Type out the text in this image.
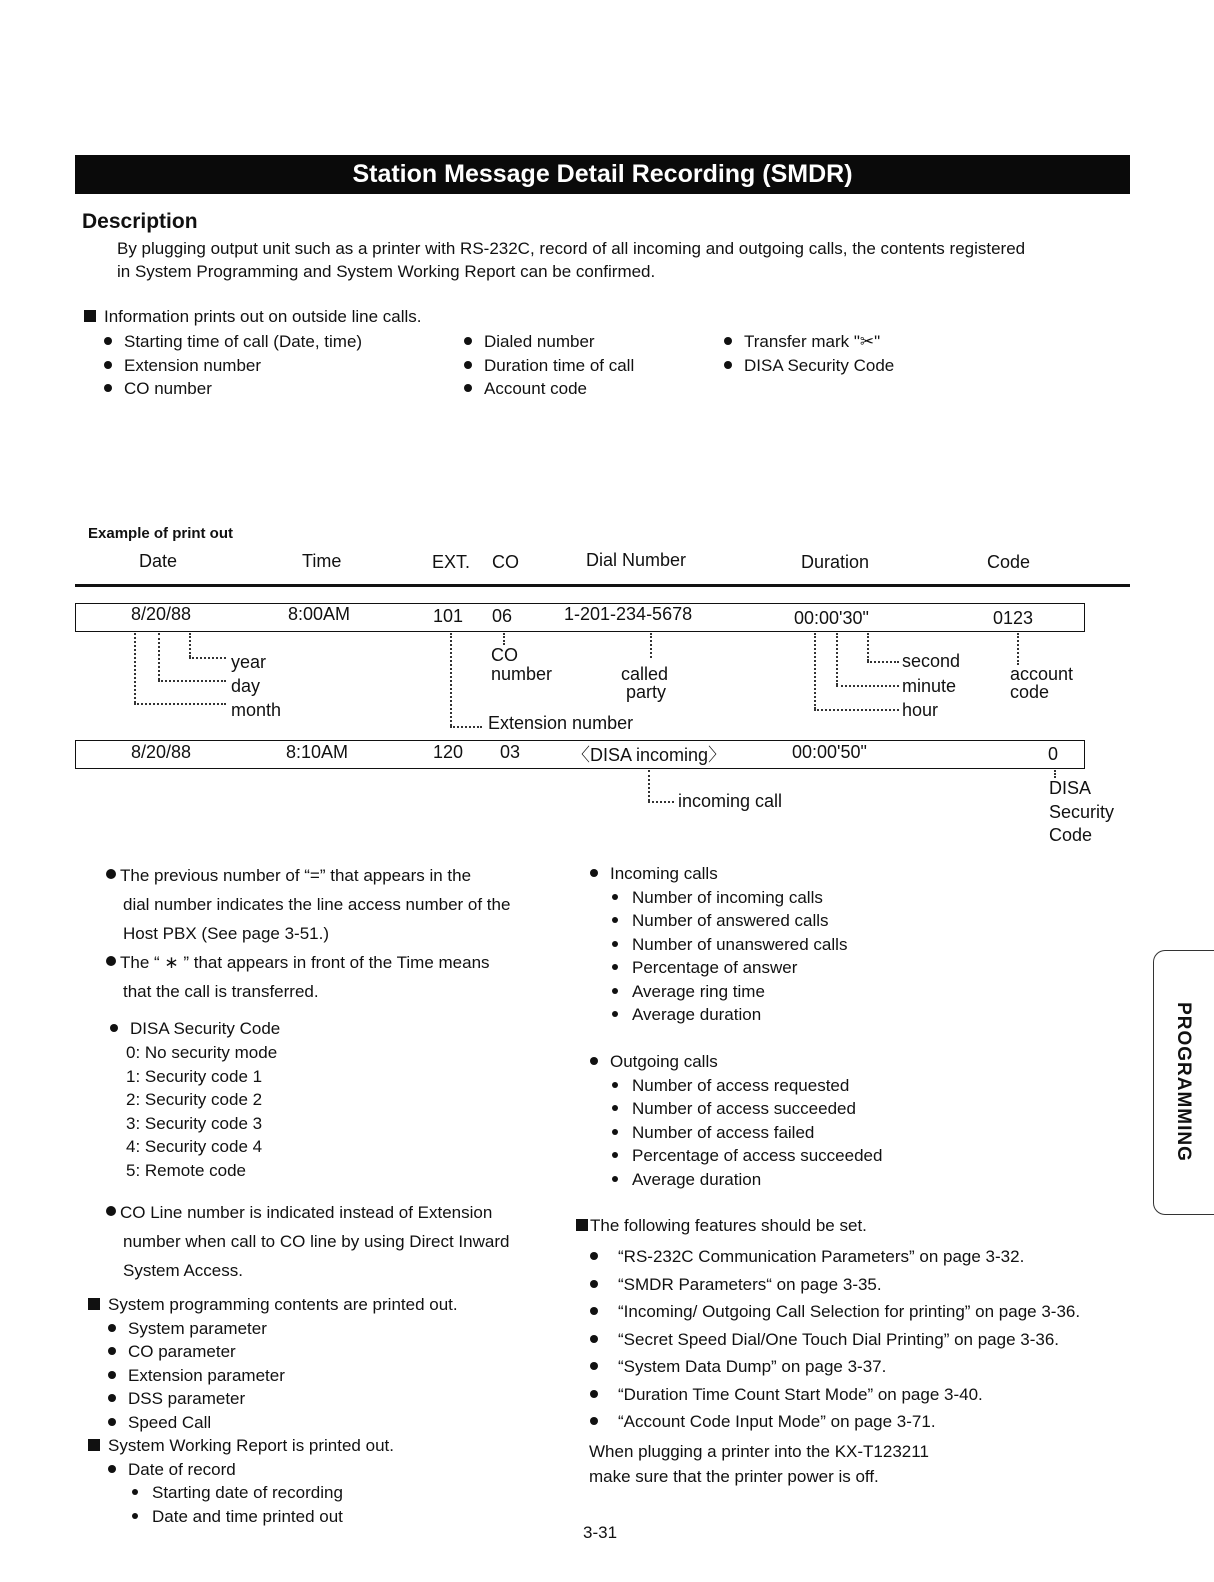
Station Message Detail Recording (SMDR)
Description
By plugging output unit such as a printer with RS-232C, record of all incoming and outgoing calls, the contents registered
in System Programming and System Working Report can be confirmed.
Information prints out on outside line calls.
Starting time of call (Date, time)
Extension number
CO number
Dialed number
Duration time of call
Account code
Transfer mark "✂"
DISA Security Code
Example of print out
Date	Time	EXT. CO	Dial Number	Duration	Code
8/20/88	8:00AM	101 06	1-201-234-5678	00:00'30"	0123
year
day
month
Extension number
CO
number	called
party
second
minute
hour
account
code
8/20/88	8:10AM	120 03	〈DISA incoming〉	00:00'50"	0
incoming call
DISA
Security
Code
The previous number of “=” that appears in the
dial number indicates the line access number of the
Host PBX (See page 3-51.)
The “ ∗ ” that appears in front of the Time means
that the call is transferred.
DISA Security Code
0: No security mode
1: Security code 1
2: Security code 2
3: Security code 3
4: Security code 4
5: Remote code
CO Line number is indicated instead of Extension
number when call to CO line by using Direct Inward
System Access.
System programming contents are printed out.
System parameter
CO parameter
Extension parameter
DSS parameter
Speed Call
System Working Report is printed out.
Date of record
Starting date of recording
Date and time printed out
Incoming calls
Number of incoming calls
Number of answered calls
Number of unanswered calls
Percentage of answer
Average ring time
Average duration
Outgoing calls
Number of access requested
Number of access succeeded
Number of access failed
Percentage of access succeeded
Average duration
The following features should be set.
“RS-232C Communication Parameters” on page 3-32.
“SMDR Parameters“ on page 3-35.
“Incoming/ Outgoing Call Selection for printing” on page 3-36.
“Secret Speed Dial/One Touch Dial Printing” on page 3-36.
“System Data Dump” on page 3-37.
“Duration Time Count Start Mode” on page 3-40.
“Account Code Input Mode” on page 3-71.
When plugging a printer into the KX-T123211
make sure that the printer power is off.
PROGRAMMING
3-31
